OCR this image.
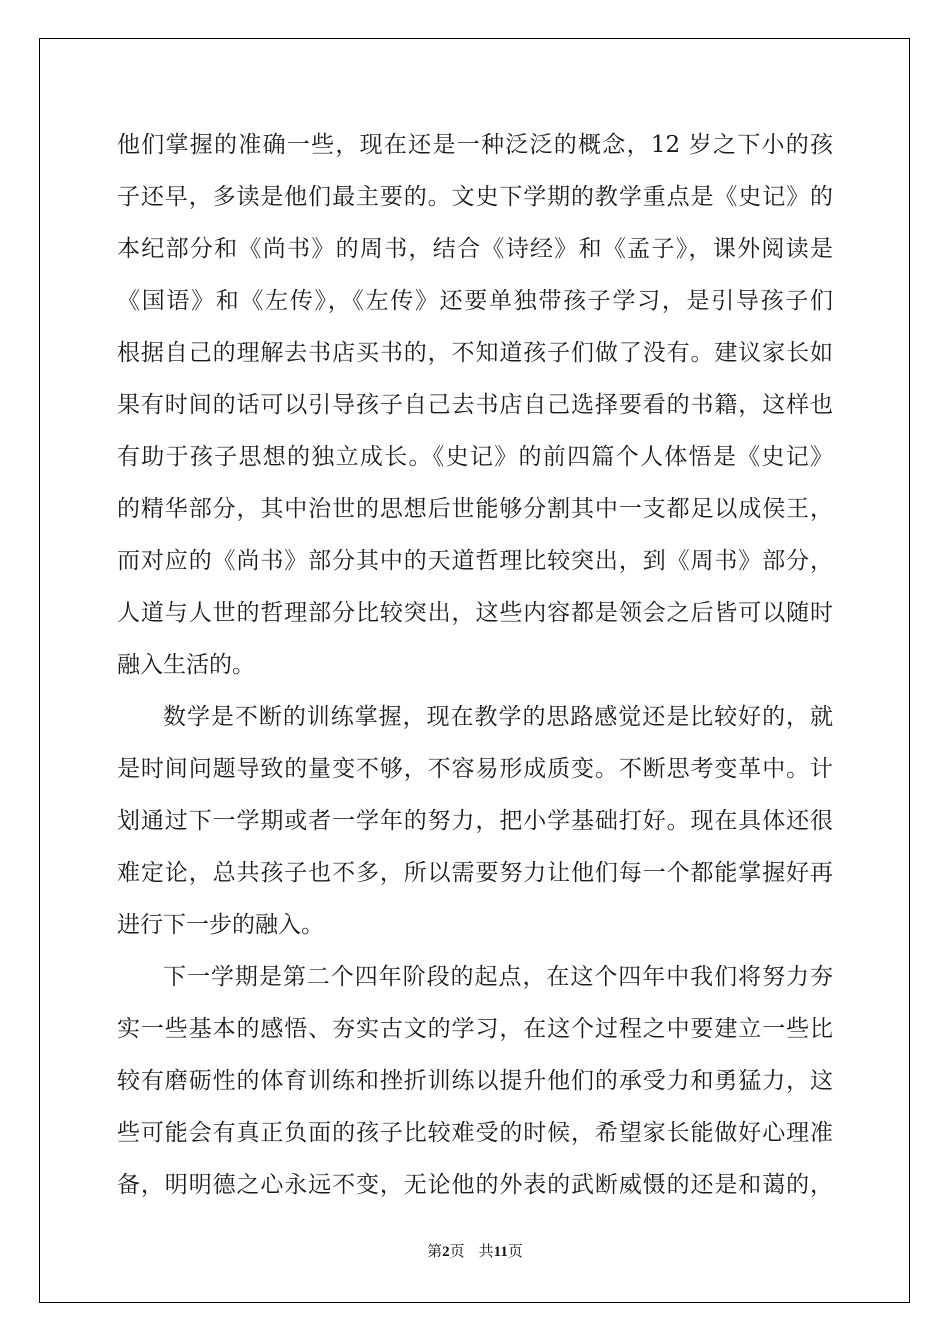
他们掌握的准确一些，现在还是一种泛泛的概念，12 岁之下小的孩
子还早，多读是他们最主要的。文史下学期的教学重点是《史记》的
本纪部分和《尚书》的周书，结合《诗经》和《孟子》，课外阅读是
《国语》和《左传》，《左传》还要单独带孩子学习，是引导孩子们
根据自己的理解去书店买书的，不知道孩子们做了没有。建议家长如
果有时间的话可以引导孩子自己去书店自己选择要看的书籍，这样也
有助于孩子思想的独立成长。《史记》的前四篇个人体悟是《史记》
的精华部分，其中治世的思想后世能够分割其中一支都足以成侯王，
而对应的《尚书》部分其中的天道哲理比较突出，到《周书》部分，
人道与人世的哲理部分比较突出，这些内容都是领会之后皆可以随时
融入生活的。
数学是不断的训练掌握，现在教学的思路感觉还是比较好的，就
是时间问题导致的量变不够，不容易形成质变。不断思考变革中。计
划通过下一学期或者一学年的努力，把小学基础打好。现在具体还很
难定论，总共孩子也不多，所以需要努力让他们每一个都能掌握好再
进行下一步的融入。
下一学期是第二个四年阶段的起点，在这个四年中我们将努力夯
实一些基本的感悟、夯实古文的学习，在这个过程之中要建立一些比
较有磨砺性的体育训练和挫折训练以提升他们的承受力和勇猛力，这
些可能会有真正负面的孩子比较难受的时候，希望家长能做好心理准
备，明明德之心永远不变，无论他的外表的武断威慑的还是和蔼的，
第2页 共11页
